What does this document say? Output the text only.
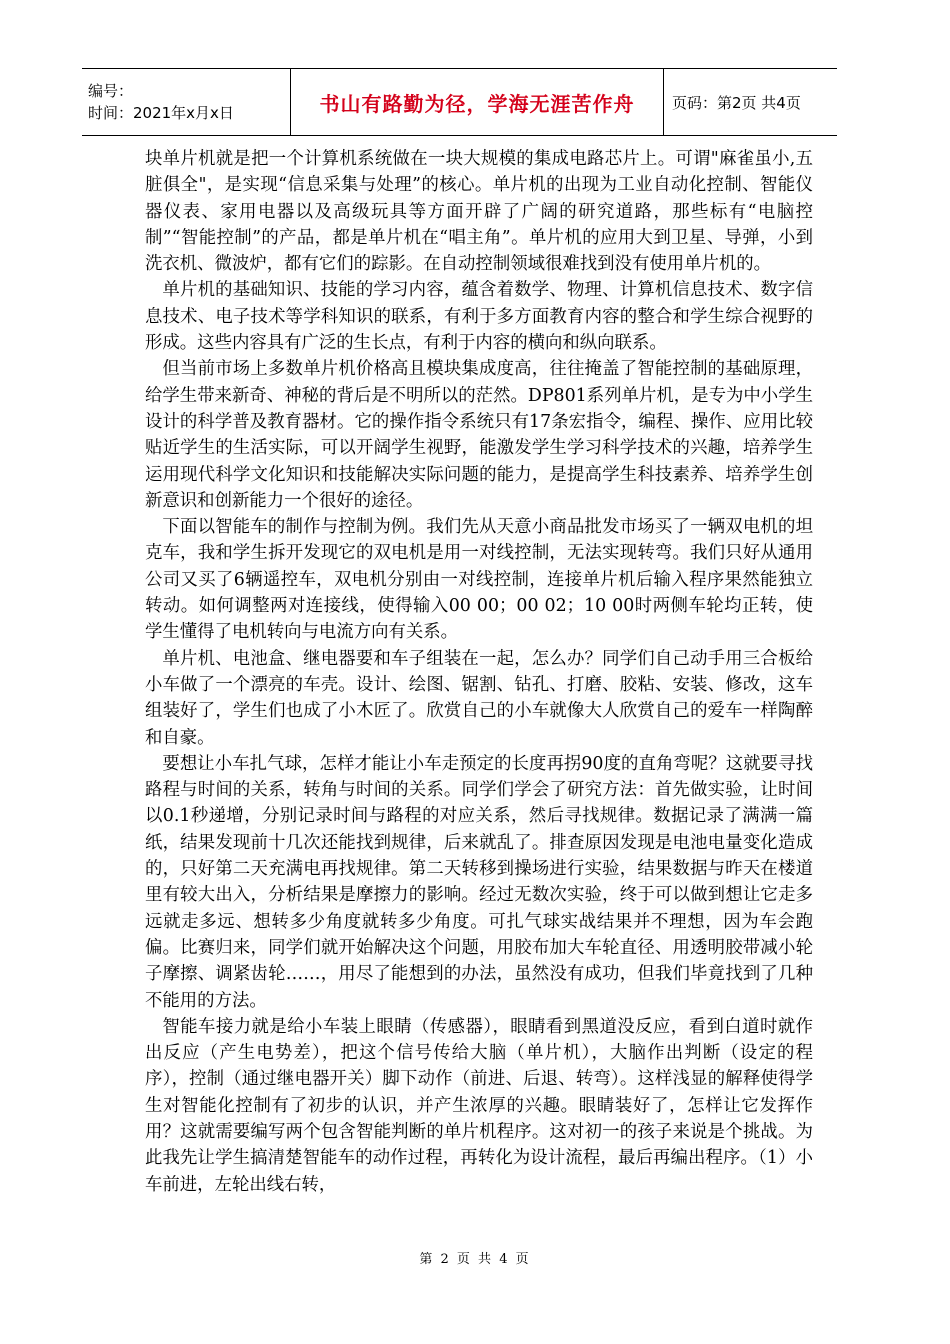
编号：
时间：2021年x月x日	书山有路勤为径，学海无涯苦作舟	页码：第2页 共4页

块单片机就是把一个计算机系统做在一块大规模的集成电路芯片上。可谓"麻雀虽小,五脏俱全"，是实现“信息采集与处理”的核心。单片机的出现为工业自动化控制、智能仪器仪表、家用电器以及高级玩具等方面开辟了广阔的研究道路，那些标有“电脑控制”“智能控制”的产品，都是单片机在“唱主角”。单片机的应用大到卫星、导弹，小到洗衣机、微波炉，都有它们的踪影。在自动控制领域很难找到没有使用单片机的。

单片机的基础知识、技能的学习内容，蕴含着数学、物理、计算机信息技术、数字信息技术、电子技术等学科知识的联系，有利于多方面教育内容的整合和学生综合视野的形成。这些内容具有广泛的生长点，有利于内容的横向和纵向联系。

但当前市场上多数单片机价格高且模块集成度高，往往掩盖了智能控制的基础原理，给学生带来新奇、神秘的背后是不明所以的茫然。DP801系列单片机，是专为中小学生设计的科学普及教育器材。它的操作指令系统只有17条宏指令，编程、操作、应用比较贴近学生的生活实际，可以开阔学生视野，能激发学生学习科学技术的兴趣，培养学生运用现代科学文化知识和技能解决实际问题的能力，是提高学生科技素养、培养学生创新意识和创新能力一个很好的途径。

下面以智能车的制作与控制为例。我们先从天意小商品批发市场买了一辆双电机的坦克车，我和学生拆开发现它的双电机是用一对线控制，无法实现转弯。我们只好从通用公司又买了6辆遥控车，双电机分别由一对线控制，连接单片机后输入程序果然能独立转动。如何调整两对连接线，使得输入00 00；00 02；10 00时两侧车轮均正转，使学生懂得了电机转向与电流方向有关系。

单片机、电池盒、继电器要和车子组装在一起，怎么办？同学们自己动手用三合板给小车做了一个漂亮的车壳。设计、绘图、锯割、钻孔、打磨、胶粘、安装、修改，这车组装好了，学生们也成了小木匠了。欣赏自己的小车就像大人欣赏自己的爱车一样陶醉和自豪。

要想让小车扎气球，怎样才能让小车走预定的长度再拐90度的直角弯呢？这就要寻找路程与时间的关系，转角与时间的关系。同学们学会了研究方法：首先做实验，让时间以0.1秒递增，分别记录时间与路程的对应关系，然后寻找规律。数据记录了满满一篇纸，结果发现前十几次还能找到规律，后来就乱了。排查原因发现是电池电量变化造成的，只好第二天充满电再找规律。第二天转移到操场进行实验，结果数据与昨天在楼道里有较大出入，分析结果是摩擦力的影响。经过无数次实验，终于可以做到想让它走多远就走多远、想转多少角度就转多少角度。可扎气球实战结果并不理想，因为车会跑偏。比赛归来，同学们就开始解决这个问题，用胶布加大车轮直径、用透明胶带减小轮子摩擦、调紧齿轮……，用尽了能想到的办法，虽然没有成功，但我们毕竟找到了几种不能用的方法。

智能车接力就是给小车装上眼睛（传感器），眼睛看到黑道没反应，看到白道时就作出反应（产生电势差），把这个信号传给大脑（单片机），大脑作出判断（设定的程序），控制（通过继电器开关）脚下动作（前进、后退、转弯）。这样浅显的解释使得学生对智能化控制有了初步的认识，并产生浓厚的兴趣。眼睛装好了，怎样让它发挥作用？这就需要编写两个包含智能判断的单片机程序。这对初一的孩子来说是个挑战。为此我先让学生搞清楚智能车的动作过程，再转化为设计流程，最后再编出程序。（1）小车前进，左轮出线右转，

第 2 页 共 4 页
